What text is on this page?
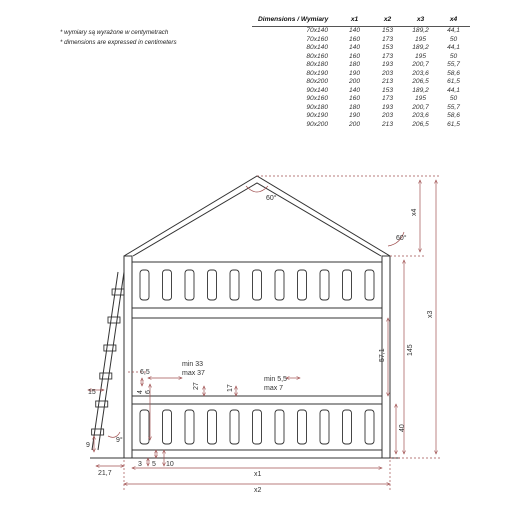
* wymiary są wyrażone w centymetrach
* dimensions are expressed in centimeters
Dimensions / Wymiary	x1	x2	x3	x4
70x140	140	153	189,2	44,1
70x160	160	173	195	50
80x140	140	153	189,2	44,1
80x160	160	173	195	50
80x180	180	193	200,7	55,7
80x190	190	203	203,6	58,6
80x200	200	213	206,5	61,5
90x140	140	153	189,2	44,1
90x160	160	173	195	50
90x180	180	193	200,7	55,7
90x190	190	203	203,6	58,6
90x200	200	213	206,5	61,5
60°
60°
9°
x4
x3
145
57,1
40
6,5
min 33
max 37
min 5,5
max 7
4 6
27	17
15
9
3 5 10
21,7	x1
x2
